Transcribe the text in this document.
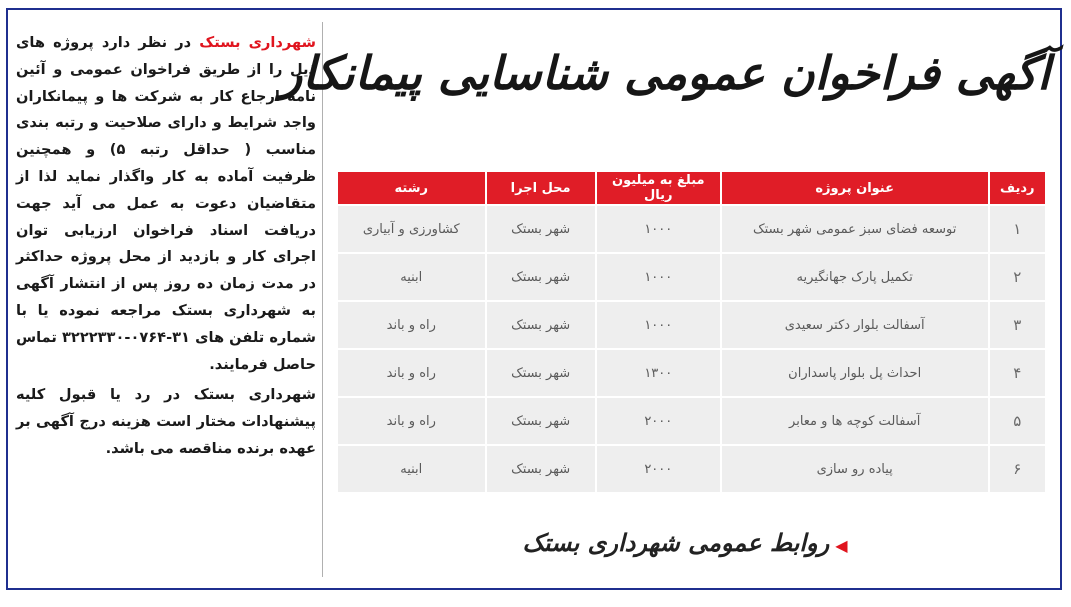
شهرداری بستک در نظر دارد پروژه های ذیل را از طریق فراخوان عمومی و آئین نامه ارجاع کار به شرکت ها و پیمانکاران واجد شرایط و دارای صلاحیت و رتبه بندی مناسب ( حداقل رتبه ۵) و همچنین ظرفیت آماده به کار واگذار نماید لذا از متقاضیان دعوت به عمل می آید جهت دریافت اسناد فراخوان ارزیابی توان اجرای کار و بازدید از محل پروژه حداکثر در مدت زمان ده روز پس از انتشار آگهی به شهرداری بستک مراجعه نموده یا با شماره تلفن های ۳۱-۰۷۶۴-۳۲۲۲۳۳۰ تماس حاصل فرمایند.

شهرداری بستک در رد یا قبول کلیه پیشنهادات مختار است هزینه درج آگهی بر عهده برنده مناقصه می باشد.

آگهی فراخوان عمومی شناسایی پیمانکار
ردیف	عنوان پروژه	مبلغ به میلیون ریال	محل اجرا	رشته
۱	توسعه فضای سبز عمومی شهر بستک	۱۰۰۰	شهر بستک	کشاورزی و آبیاری
۲	تکمیل پارک جهانگیریه	۱۰۰۰	شهر بستک	ابنیه
۳	آسفالت بلوار دکتر سعیدی	۱۰۰۰	شهر بستک	راه و باند
۴	احداث پل بلوار پاسداران	۱۳۰۰	شهر بستک	راه و باند
۵	آسفالت کوچه ها و معابر	۲۰۰۰	شهر بستک	راه و باند
۶	پیاده رو سازی	۲۰۰۰	شهر بستک	ابنیه
◀روابط عمومی شهرداری بستک
